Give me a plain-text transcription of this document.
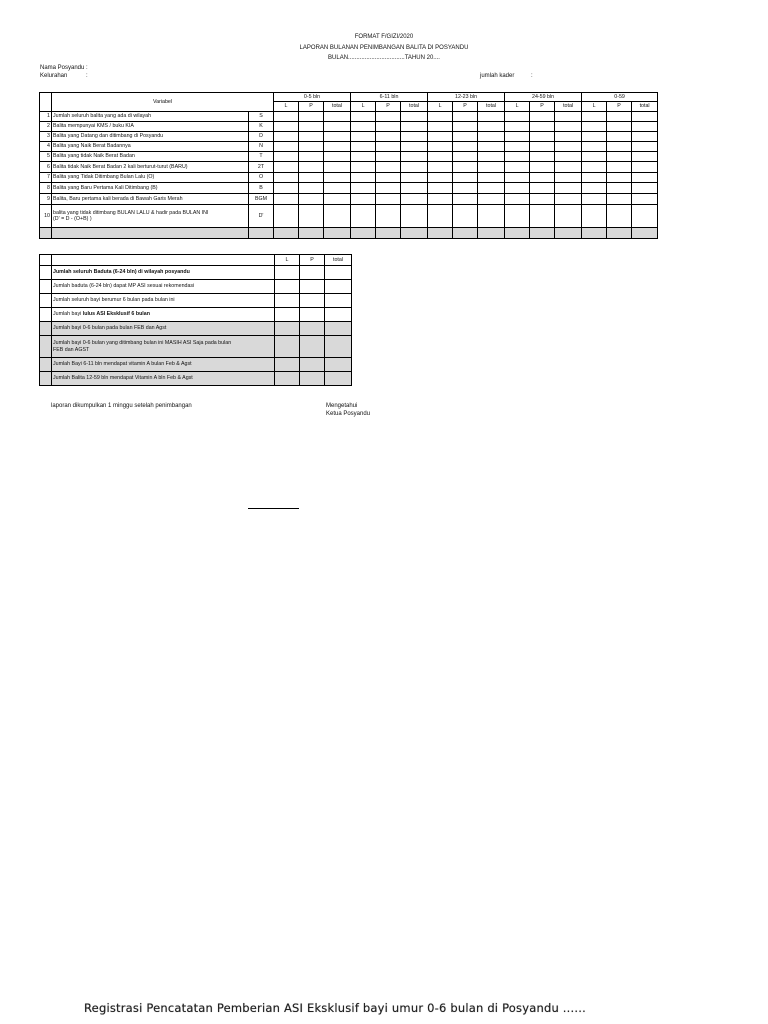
FORMAT F/GIZI/2020
LAPORAN BULANAN PENIMBANGAN BALITA DI POSYANDU
BULAN..................................TAHUN 20....
Nama Posyandu :
Kelurahan	:	jumlah kader	:
	Variabel		0-5 bln			6-11 bln			12-23 bln			24-59 bln			0-59		
			L	P	total	L	P	total	L	P	total	L	P	total	L	P	total
1	Jumlah seluruh balita yang ada di wilayah	S															
2	Balita mempunyai KMS / buku KIA	K															
3	Balita yang Datang dan ditimbang di Posyandu	D															
4	Balita yang Naik Berat Badannya	N															
5	Balita yang tidak Naik Berat Badan	T															
6	Balita tidak Naik Berat Badan 2 kali berturut-turut (BARU)	2T															
7	Balita yang Tidak Ditimbang Bulan Lalu (O)	O															
8	Balita yang Baru Pertama Kali Ditimbang (B)	B															
9	Balita, Baru pertama kali berada di Bawah Garis Merah	BGM															
10	balita yang tidak ditimbang BULAN LALU & hadir pada BULAN INI
(D' = D - (O+B) )	D'															

		L	P	total
	Jumlah seluruh Baduta (6-24 bln) di wilayah posyandu			
	Jumlah baduta (6-24 bln) dapat MP ASI sesuai rekomendasi			
	Jumlah seluruh bayi berumur 6 bulan pada bulan ini			
	Jumlah bayi lulus ASI Eksklusif 6 bulan			
	Jumlah bayi 0-6 bulan pada bulan FEB dan Agst			

	Jumlah bayi 0-6 bulan yang ditimbang bulan ini MASIH ASI Saja pada bulan
FEB dan AGST			

	Jumlah Bayi 6-11 bln mendapat vitamin A bulan Feb & Agst			
	Jumlah Balita 12-59 bln mendapat Vitamin A bln Feb & Agst			
laporan dikumpulkan 1 minggu setelah penimbangan	Mengetahui
Ketua Posyandu
Registrasi Pencatatan Pemberian ASI Eksklusif bayi umur 0-6 bulan di Posyandu ......
